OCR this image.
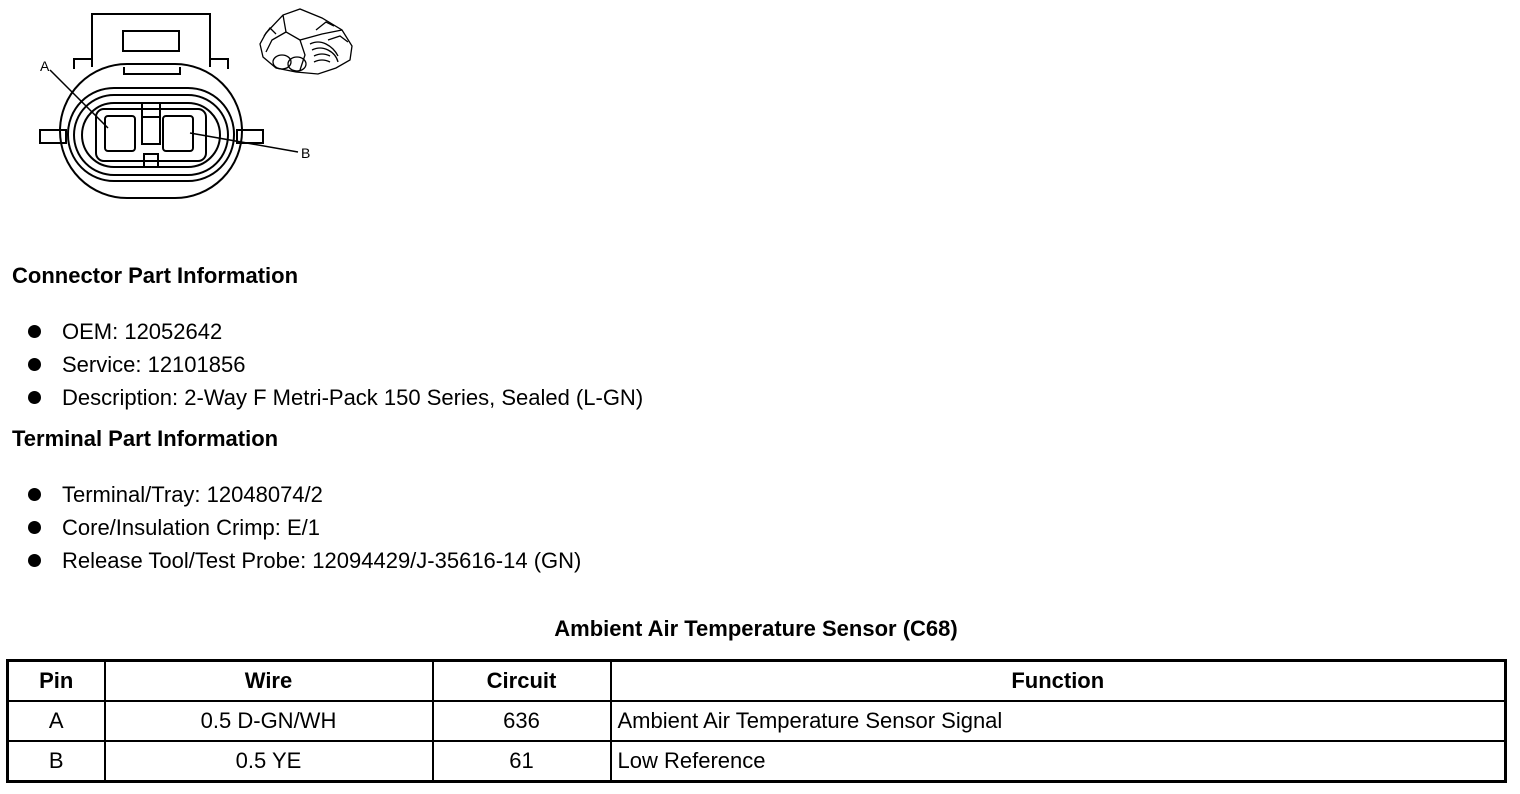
A
B
Connector Part Information
OEM: 12052642
Service: 12101856
Description: 2-Way F Metri-Pack 150 Series, Sealed (L-GN)
Terminal Part Information
Terminal/Tray: 12048074/2
Core/Insulation Crimp: E/1
Release Tool/Test Probe: 12094429/J-35616-14 (GN)
Ambient Air Temperature Sensor (C68)
Pin	Wire	Circuit	Function
A	0.5 D-GN/WH	636	Ambient Air Temperature Sensor Signal
B	0.5 YE	61	Low Reference
